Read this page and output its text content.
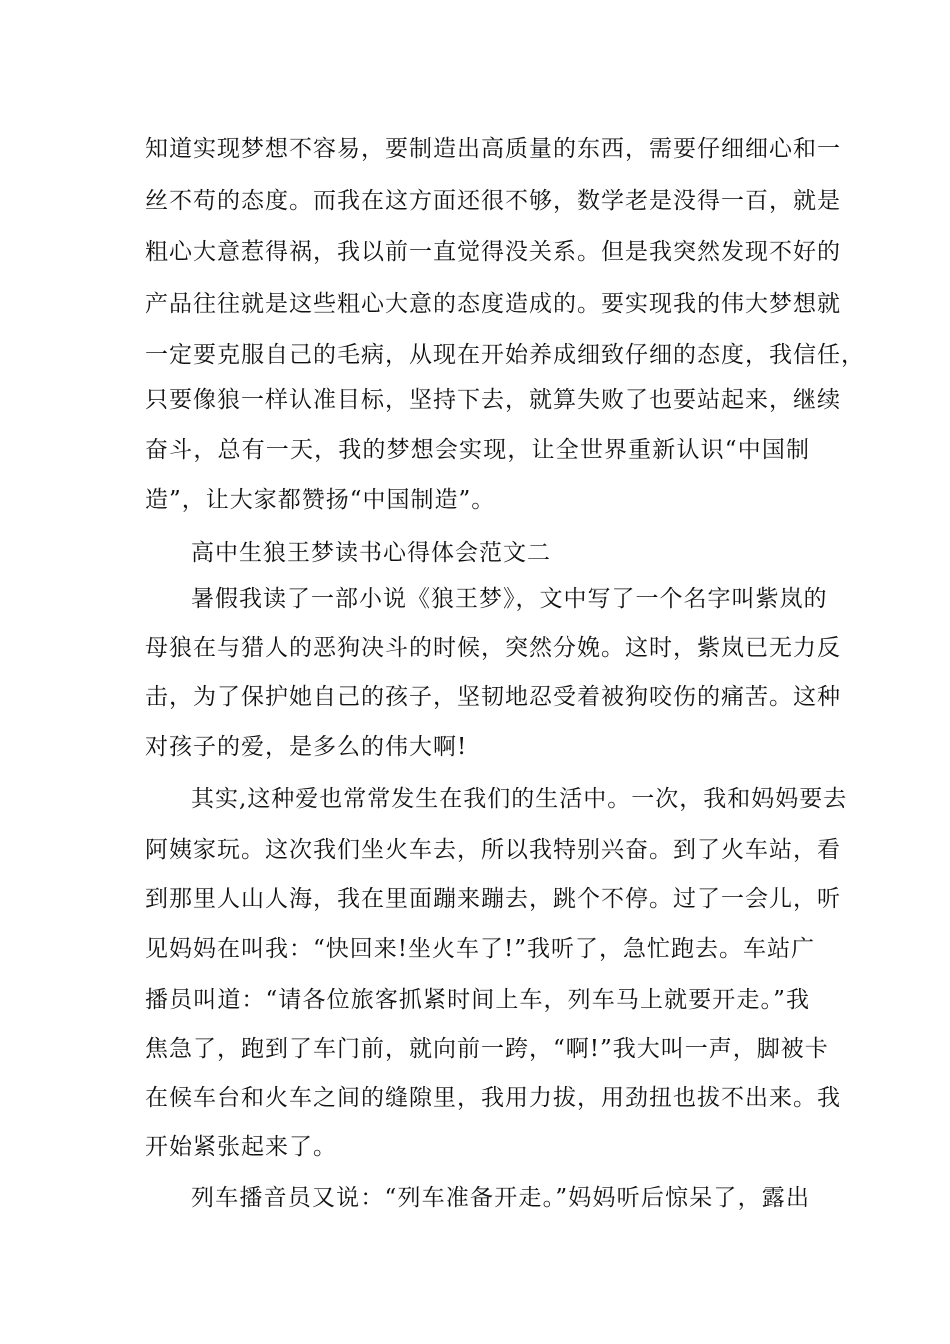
知道实现梦想不容易，要制造出高质量的东西，需要仔细细心和一
丝不苟的态度。而我在这方面还很不够，数学老是没得一百，就是
粗心大意惹得祸，我以前一直觉得没关系。但是我突然发现不好的
产品往往就是这些粗心大意的态度造成的。要实现我的伟大梦想就
一定要克服自己的毛病，从现在开始养成细致仔细的态度，我信任，
只要像狼一样认准目标，坚持下去，就算失败了也要站起来，继续
奋斗，总有一天，我的梦想会实现，让全世界重新认识“中国制
造”，让大家都赞扬“中国制造”。
高中生狼王梦读书心得体会范文二
暑假我读了一部小说《狼王梦》，文中写了一个名字叫紫岚的
母狼在与猎人的恶狗决斗的时候，突然分娩。这时，紫岚已无力反
击，为了保护她自己的孩子，坚韧地忍受着被狗咬伤的痛苦。这种
对孩子的爱，是多么的伟大啊!
其实,这种爱也常常发生在我们的生活中。一次，我和妈妈要去
阿姨家玩。这次我们坐火车去，所以我特别兴奋。到了火车站，看
到那里人山人海，我在里面蹦来蹦去，跳个不停。过了一会儿，听
见妈妈在叫我：“快回来!坐火车了!”我听了，急忙跑去。车站广
播员叫道：“请各位旅客抓紧时间上车，列车马上就要开走。”我
焦急了，跑到了车门前，就向前一跨，“啊!”我大叫一声，脚被卡
在候车台和火车之间的缝隙里，我用力拔，用劲扭也拔不出来。我
开始紧张起来了。
列车播音员又说：“列车准备开走。”妈妈听后惊呆了，露出
